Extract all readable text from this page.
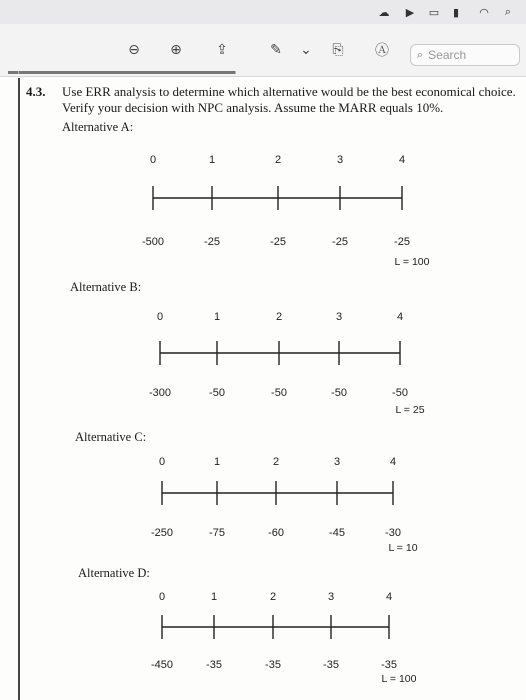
☁	▶	▭	▮	◠	⌕
⊖ ⊕ ⇪	✎ ⌄	⎘	Ⓐ	⌕ Search
▬ ▬▬▬▬▬▬▬▬▬▬▬▬▬▬▬▬▬▬▬▬▬▬▬▬
4.3. Use ERR analysis to determine which alternative would be the best economical choice.
Verify your decision with NPC analysis. Assume the MARR equals 10%.
Alternative A:
Alternative B:
Alternative C:
Alternative D:
0
-500
1
-25
2
-25
3
-25
4
-25
L = 100
0
-300
1
-50
2
-50
3
-50
4
-50
L = 25
0
-250
1
-75
2
-60
3
-45
4
-30
L = 10
0
-450
1
-35
2
-35
3
-35
4
-35
L = 100
